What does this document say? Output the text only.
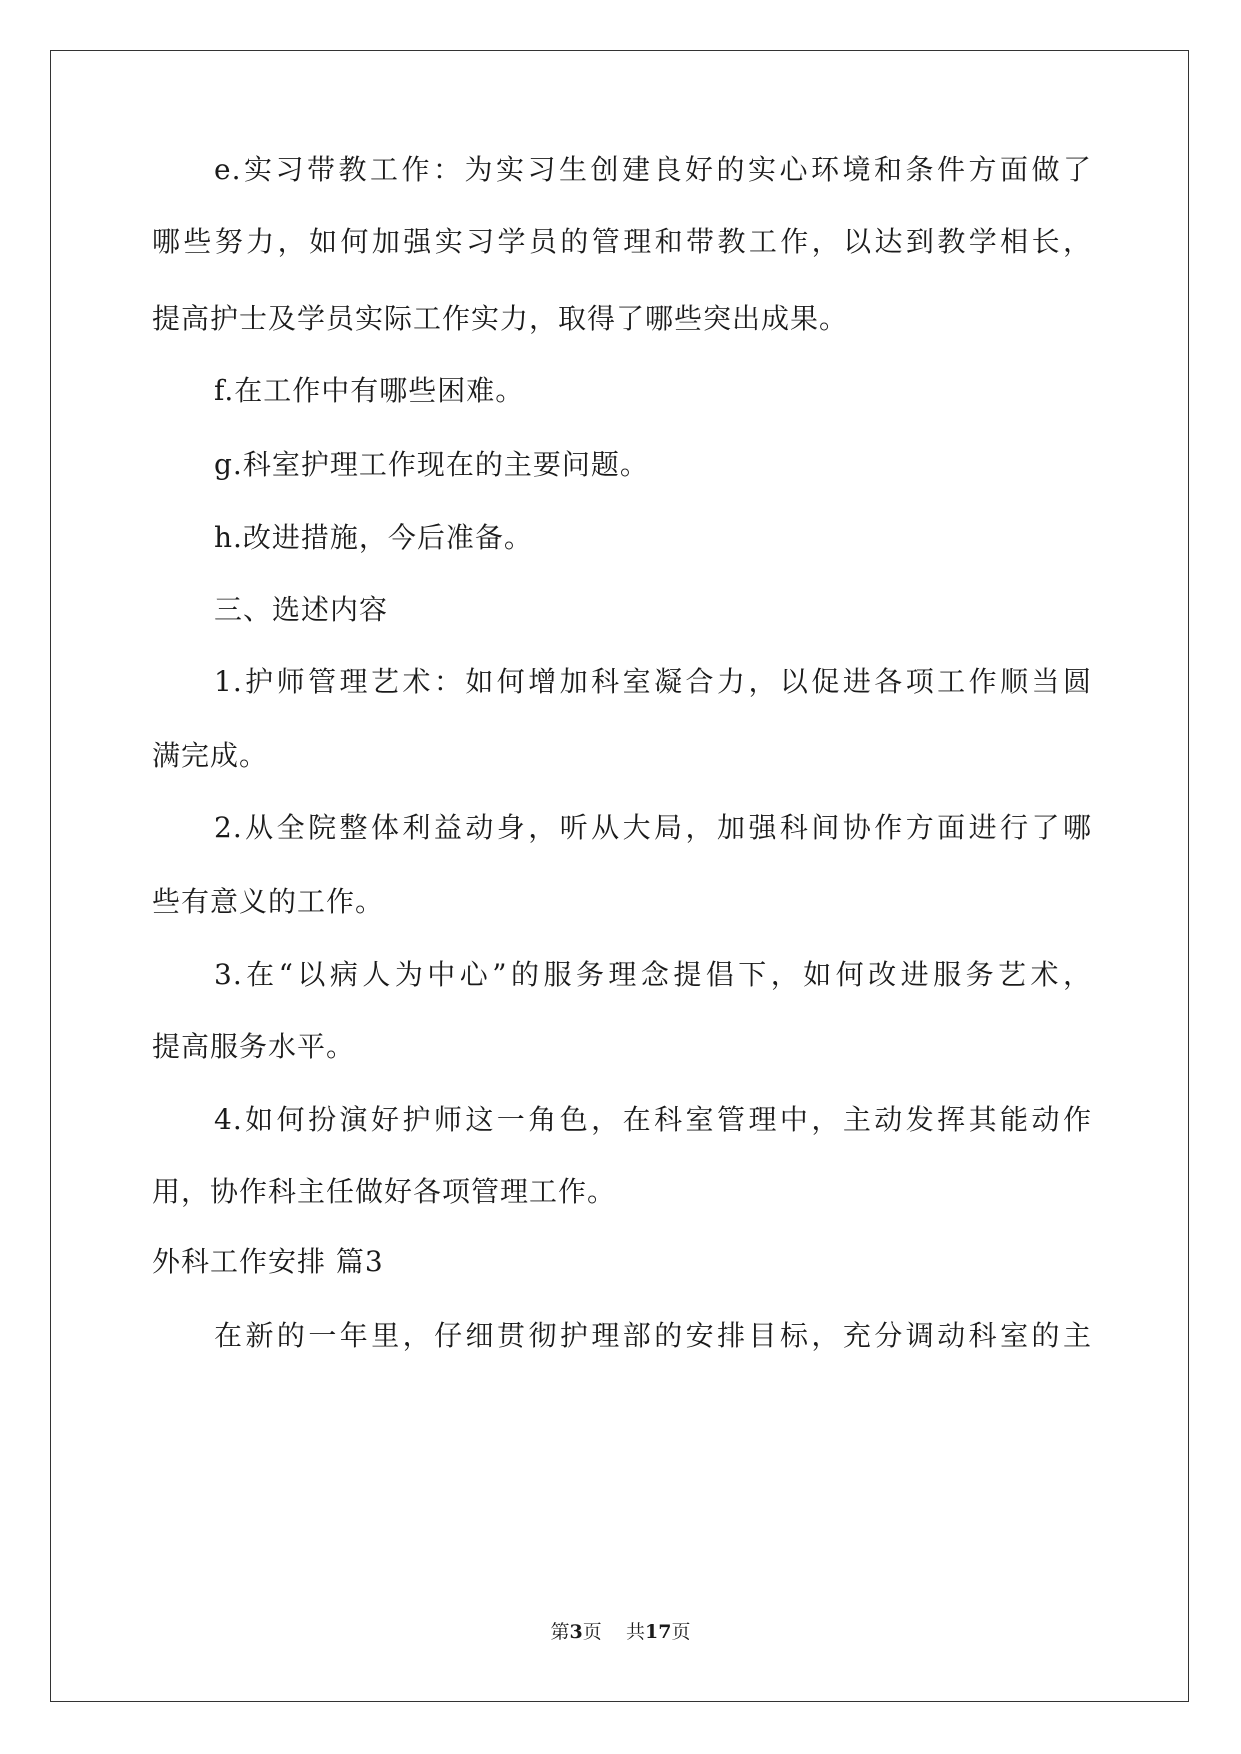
e.实习带教工作：为实习生创建良好的实心环境和条件方面做了
哪些努力，如何加强实习学员的管理和带教工作，以达到教学相长，
提高护士及学员实际工作实力，取得了哪些突出成果。
f.在工作中有哪些困难。
g.科室护理工作现在的主要问题。
h.改进措施，今后准备。
三、选述内容
1.护师管理艺术：如何增加科室凝合力，以促进各项工作顺当圆
满完成。
2.从全院整体利益动身，听从大局，加强科间协作方面进行了哪
些有意义的工作。
3.在“以病人为中心”的服务理念提倡下，如何改进服务艺术，
提高服务水平。
4.如何扮演好护师这一角色，在科室管理中，主动发挥其能动作
用，协作科主任做好各项管理工作。
外科工作安排 篇3
在新的一年里，仔细贯彻护理部的安排目标，充分调动科室的主
第3页 共17页
